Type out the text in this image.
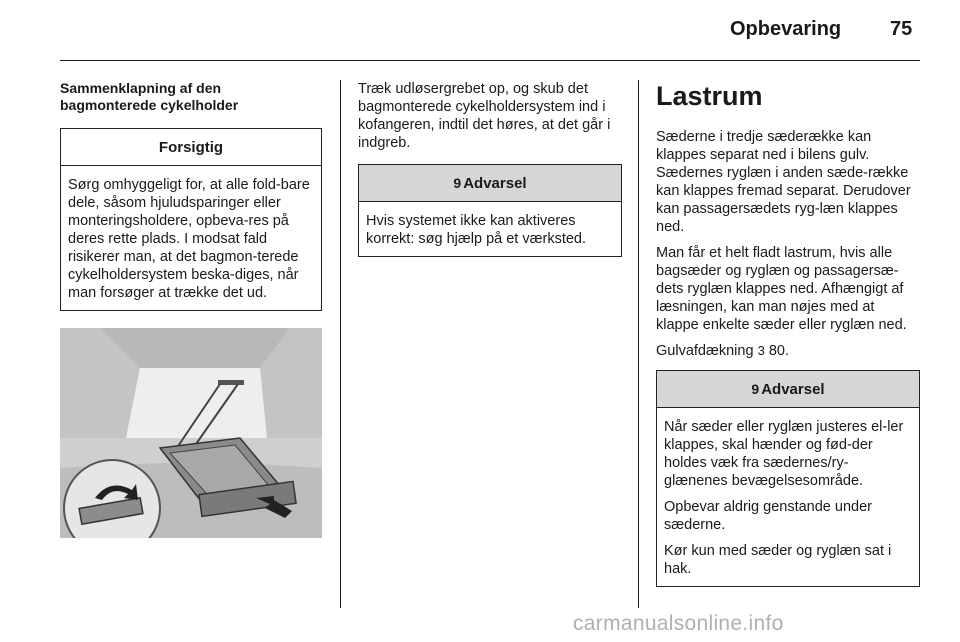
Opbevaring 75
Sammenklapning af den
bagmonterede cykelholder
Forsigtig

Sørg omhyggeligt for, at alle fold-bare dele, såsom hjuludsparinger eller monteringsholdere, opbeva-res på deres rette plads. I modsat fald risikerer man, at det bagmon-terede cykelholdersystem beska-diges, når man forsøger at trække det ud.

Træk udløsergrebet op, og skub det bagmonterede cykelholdersystem ind i kofangeren, indtil det høres, at det går i indgreb.

9 Advarsel

Hvis systemet ikke kan aktiveres korrekt: søg hjælp på et værksted.

Lastrum

Sæderne i tredje sæderække kan klappes separat ned i bilens gulv. Sædernes ryglæn i anden sæde-række kan klappes fremad separat. Derudover kan passagersædets ryg-læn klappes ned.

Man får et helt fladt lastrum, hvis alle bagsæder og ryglæn og passagersæ-dets ryglæn klappes ned. Afhængigt af læsningen, kan man nøjes med at klappe enkelte sæder eller ryglæn ned.

Gulvafdækning 3 80.

9 Advarsel

Når sæder eller ryglæn justeres el-ler klappes, skal hænder og fød-der holdes væk fra sædernes/ry-glænenes bevægelsesområde.

Opbevar aldrig genstande under sæderne.

Kør kun med sæder og ryglæn sat i hak.

carmanualsonline.info
